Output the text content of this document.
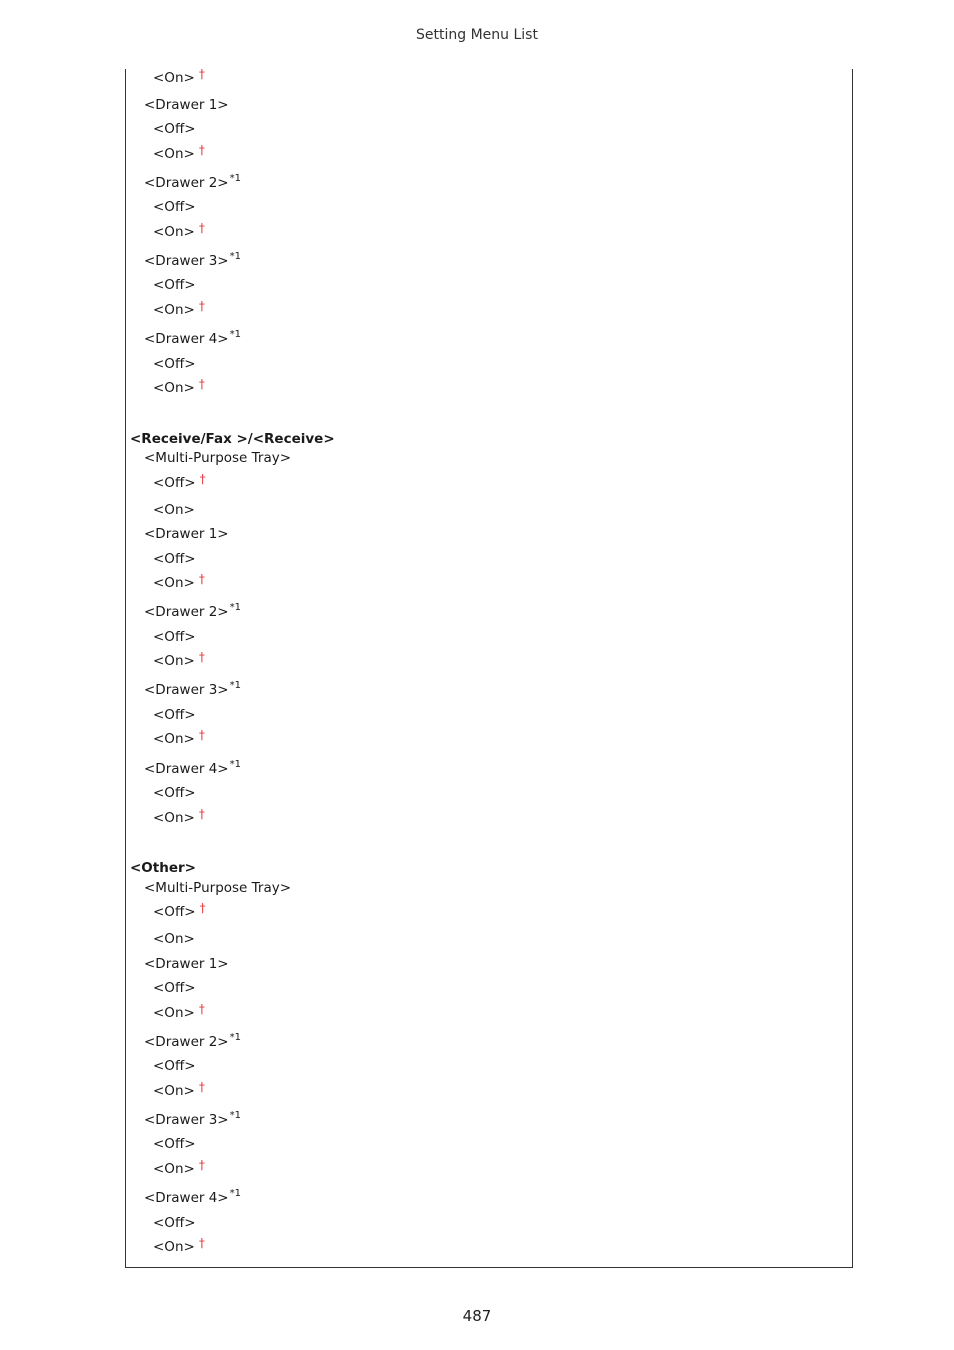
Setting Menu List
<On> †
<Drawer 1>
<Off>
<On> †
<Drawer 2>$^{*1}$
<Off>
<On> †
<Drawer 3>$^{*1}$
<Off>
<On> †
<Drawer 4>$^{*1}$
<Off>
<On> †
<Receive/Fax >/<Receive>
<Multi-Purpose Tray>
<Off> †
<On>
<Drawer 1>
<Off>
<On> †
<Drawer 2>$^{*1}$
<Off>
<On> †
<Drawer 3>$^{*1}$
<Off>
<On> †
<Drawer 4>$^{*1}$
<Off>
<On> †
<Other>
<Multi-Purpose Tray>
<Off> †
<On>
<Drawer 1>
<Off>
<On> †
<Drawer 2>$^{*1}$
<Off>
<On> †
<Drawer 3>$^{*1}$
<Off>
<On> †
<Drawer 4>$^{*1}$
<Off>
<On> †
487
